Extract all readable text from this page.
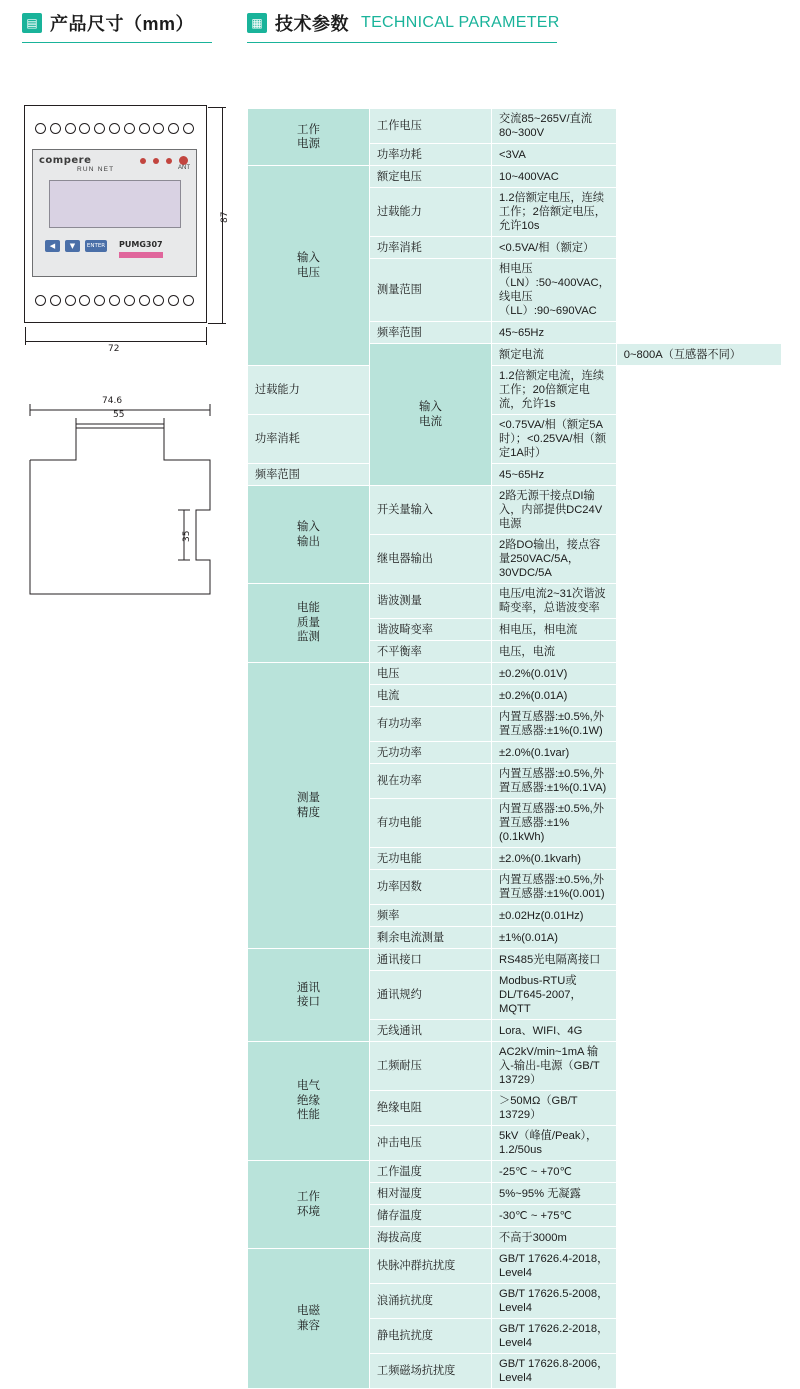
▤ 产品尺寸（mm）	▦ 技术参数 TECHNICAL PARAMETER
compere
ANT
RUN NET
◀	▼	ENTER PUMG307
87
72
74.6
55
35
工作
电源	工作电压	交流85~265V/直流80~300V	
	功率功耗	<3VA	
输入
电压	额定电压	10~400VAC	
	过载能力	1.2倍额定电压，连续工作；2倍额定电压，允许10s	
	功率消耗	<0.5VA/相（额定）	
	测量范围	相电压（LN）:50~400VAC，线电压（LL）:90~690VAC	
	频率范围	45~65Hz	
	输入
电流	额定电流	0~800A（互感器不同）
过载能力		1.2倍额定电流，连续工作；20倍额定电流，允许1s	
功率消耗		<0.75VA/相（额定5A时）；<0.25VA/相（额定1A时）	
频率范围		45~65Hz	
输入
输出	开关量输入	2路无源干接点DI输入，内部提供DC24V电源	
	继电器输出	2路DO输出，接点容量250VAC/5A，30VDC/5A	
电能
质量
监测	谐波测量	电压/电流2~31次谐波畸变率，总谐波变率	
	谐波畸变率	相电压，相电流	
	不平衡率	电压，电流	
测量
精度	电压	±0.2%(0.01V)	
	电流	±0.2%(0.01A)	
	有功功率	内置互感器:±0.5%,外置互感器:±1%(0.1W)	
	无功功率	±2.0%(0.1var)	
	视在功率	内置互感器:±0.5%,外置互感器:±1%(0.1VA)	
	有功电能	内置互感器:±0.5%,外置互感器:±1%(0.1kWh)	
	无功电能	±2.0%(0.1kvarh)	
	功率因数	内置互感器:±0.5%,外置互感器:±1%(0.001)	
	频率	±0.02Hz(0.01Hz)	
	剩余电流测量	±1%(0.01A)	
通讯
接口	通讯接口	RS485光电隔离接口	
	通讯规约	Modbus-RTU或DL/T645-2007，MQTT	
	无线通讯	Lora、WIFI、4G	
电气
绝缘
性能	工频耐压	AC2kV/min~1mA 输入-输出-电源（GB/T 13729）	
	绝缘电阻	＞50MΩ（GB/T 13729）	
	冲击电压	5kV（峰值/Peak），1.2/50us	
工作
环境	工作温度	-25℃ ~ +70℃	
	相对湿度	5%~95% 无凝露	
	储存温度	-30℃ ~ +75℃	
	海拔高度	不高于3000m	
电磁
兼容	快脉冲群抗扰度	GB/T 17626.4-2018，Level4	
	浪涌抗扰度	GB/T 17626.5-2008，Level4	
	静电抗扰度	GB/T 17626.2-2018，Level4	
	工频磁场抗扰度	GB/T 17626.8-2006，Level4	
